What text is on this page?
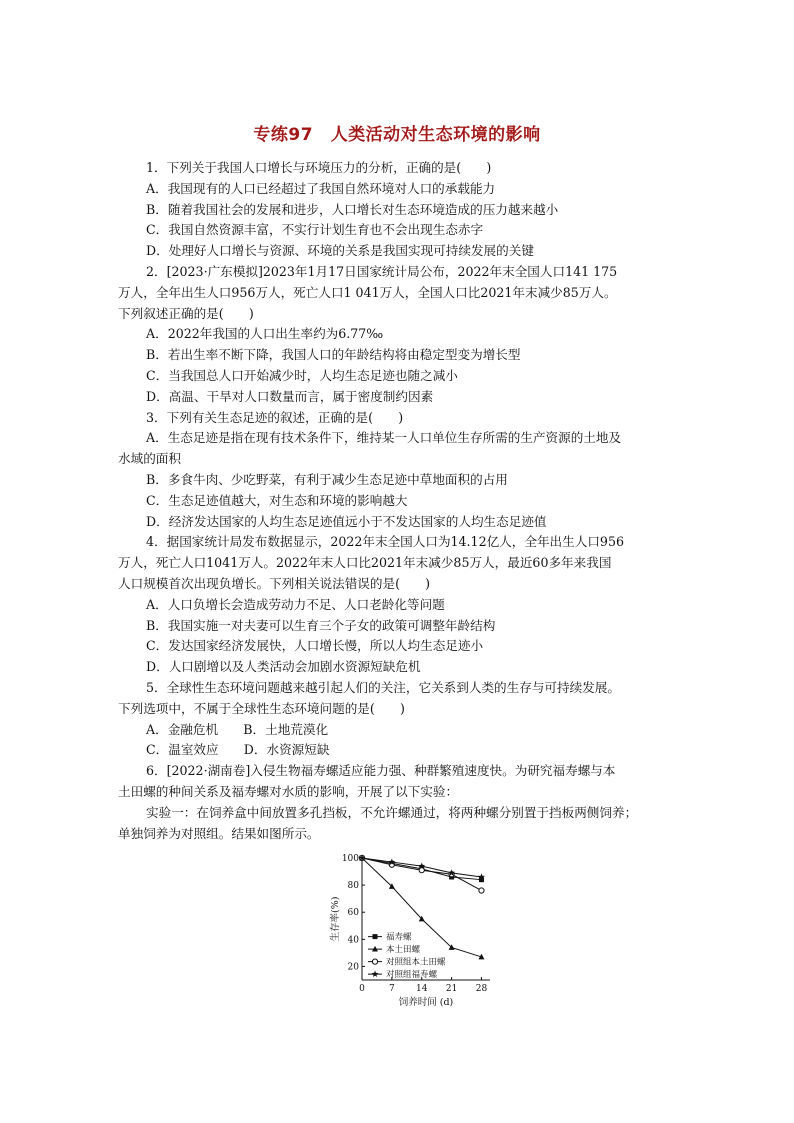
专练97　人类活动对生态环境的影响
1．下列关于我国人口增长与环境压力的分析，正确的是(　　)
A．我国现有的人口已经超过了我国自然环境对人口的承载能力
B．随着我国社会的发展和进步，人口增长对生态环境造成的压力越来越小
C．我国自然资源丰富，不实行计划生育也不会出现生态赤字
D．处理好人口增长与资源、环境的关系是我国实现可持续发展的关键
2．[2023·广东模拟]2023年1月17日国家统计局公布，2022年末全国人口141 175
万人，全年出生人口956万人，死亡人口1 041万人，全国人口比2021年末减少85万人。
下列叙述正确的是(　　)
A．2022年我国的人口出生率约为6.77‰
B．若出生率不断下降，我国人口的年龄结构将由稳定型变为增长型
C．当我国总人口开始减少时，人均生态足迹也随之减小
D．高温、干旱对人口数量而言，属于密度制约因素
3．下列有关生态足迹的叙述，正确的是(　　)
A．生态足迹是指在现有技术条件下，维持某一人口单位生存所需的生产资源的土地及
水域的面积
B．多食牛肉、少吃野菜，有利于减少生态足迹中草地面积的占用
C．生态足迹值越大，对生态和环境的影响越大
D．经济发达国家的人均生态足迹值远小于不发达国家的人均生态足迹值
4．据国家统计局发布数据显示，2022年末全国人口为14.12亿人，全年出生人口956
万人，死亡人口1041万人。2022年末人口比2021年末减少85万人，最近60多年来我国
人口规模首次出现负增长。下列相关说法错误的是(　　)
A．人口负增长会造成劳动力不足、人口老龄化等问题
B．我国实施一对夫妻可以生育三个子女的政策可调整年龄结构
C．发达国家经济发展快，人口增长慢，所以人均生态足迹小
D．人口剧增以及人类活动会加剧水资源短缺危机
5．全球性生态环境问题越来越引起人们的关注，它关系到人类的生存与可持续发展。
下列选项中，不属于全球性生态环境问题的是(　　)
A．金融危机　　B．土地荒漠化
C．温室效应　　D．水资源短缺
6．[2022·湖南卷]入侵生物福寿螺适应能力强、种群繁殖速度快。为研究福寿螺与本
土田螺的种间关系及福寿螺对水质的影响，开展了以下实验：
实验一：在饲养盒中间放置多孔挡板，不允许螺通过，将两种螺分别置于挡板两侧饲养；
单独饲养为对照组。结果如图所示。
20
40
60
80
100
0	7 14 21 28
饲养时间 (d)
生存率(%)	福寿螺
本土田螺
对照组本土田螺
对照组福寿螺
